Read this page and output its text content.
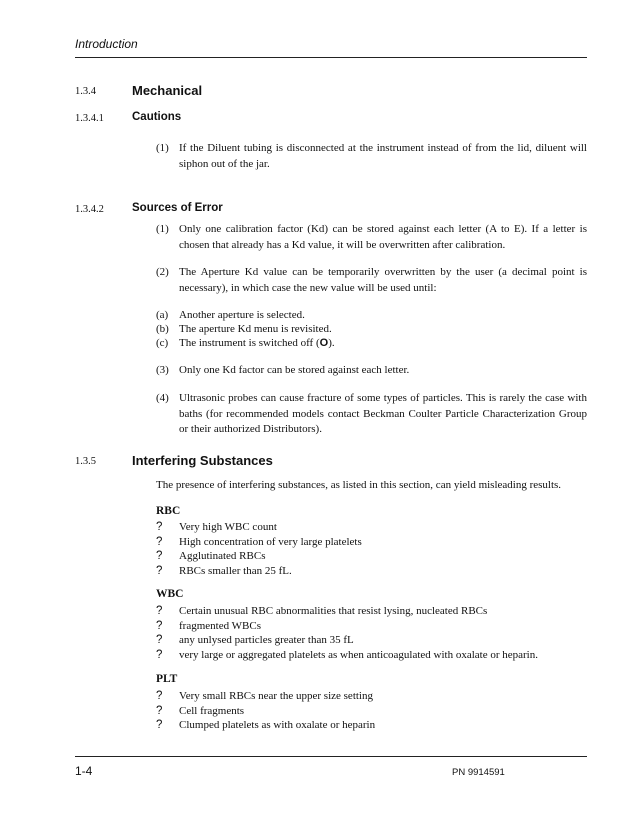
Introduction
1.3.4	Mechanical
1.3.4.1 Cautions
(1) If the Diluent tubing is disconnected at the instrument instead of from the lid, diluent will siphon out of the jar.
1.3.4.2 Sources of Error
(1) Only one calibration factor (Kd) can be stored against each letter (A to E). If a letter is chosen that already has a Kd value, it will be overwritten after calibration.
(2) The Aperture Kd value can be temporarily overwritten by the user (a decimal point is necessary), in which case the new value will be used until:
(a) Another aperture is selected.
(b) The aperture Kd menu is revisited.
(c) The instrument is switched off (O).
(3) Only one Kd factor can be stored against each letter.
(4) Ultrasonic probes can cause fracture of some types of particles. This is rarely the case with baths (for recommended models contact Beckman Coulter Particle Characterization Group or their authorized Distributors).
1.3.5	Interfering Substances
The presence of interfering substances, as listed in this section, can yield misleading results.
RBC
? Very high WBC count
? High concentration of very large platelets
? Agglutinated RBCs
? RBCs smaller than 25 fL.
WBC
? Certain unusual RBC abnormalities that resist lysing, nucleated RBCs
? fragmented WBCs
? any unlysed particles greater than 35 fL
? very large or aggregated platelets as when anticoagulated with oxalate or heparin.
PLT
? Very small RBCs near the upper size setting
? Cell fragments
? Clumped platelets as with oxalate or heparin
1-4	PN 9914591
